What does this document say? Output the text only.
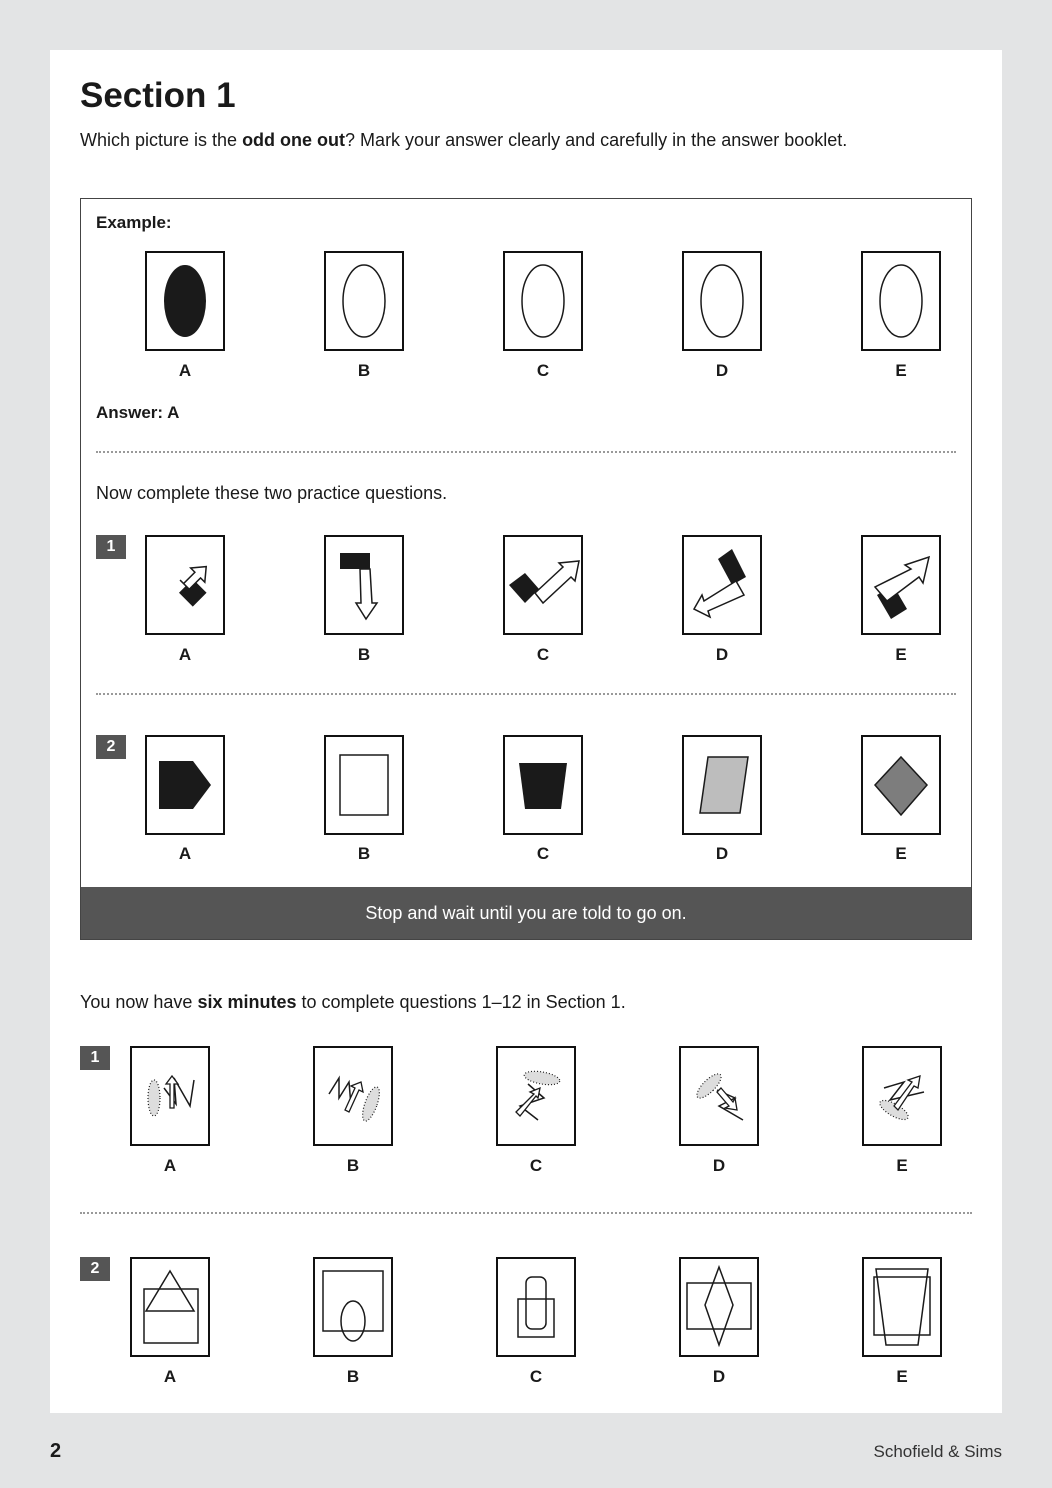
Section 1
Which picture is the odd one out? Mark your answer clearly and carefully in the answer booklet.
Example:
A	B	C	D	E
Answer: A
Now complete these two practice questions.
1
A	B	C	D	E
2
A	B	C	D	E
Stop and wait until you are told to go on.
You now have six minutes to complete questions 1–12 in Section 1.
1
A	B	C	D	E
2
A	B	C	D	E
2	Schofield & Sims
